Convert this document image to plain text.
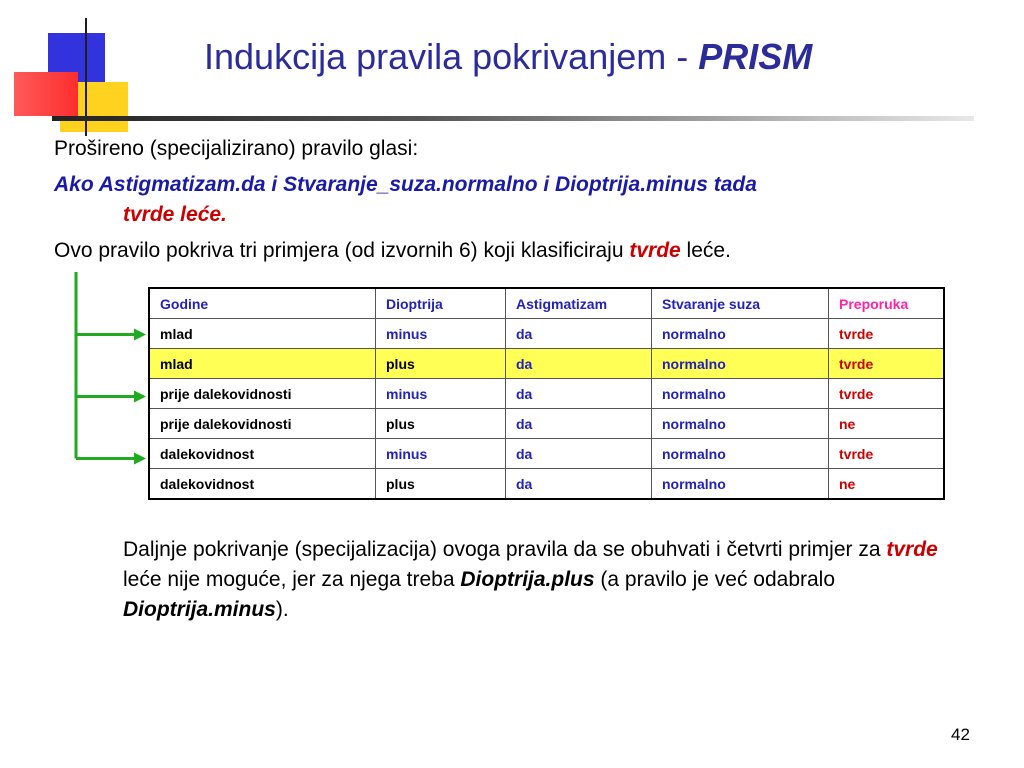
Indukcija pravila pokrivanjem - PRISM
Prošireno (specijalizirano) pravilo glasi:
Ako Astigmatizam.da i Stvaranje_suza.normalno i Dioptrija.minus tada
tvrde leće.
Ovo pravilo pokriva tri primjera (od izvornih 6) koji klasificiraju tvrde leće.
Godine	Dioptrija	Astigmatizam	Stvaranje suza	Preporuka
mlad	minus	da	normalno	tvrde
mlad	plus	da	normalno	tvrde
prije dalekovidnosti	minus	da	normalno	tvrde
prije dalekovidnosti	plus	da	normalno	ne
dalekovidnost	minus	da	normalno	tvrde
dalekovidnost	plus	da	normalno	ne
Daljnje pokrivanje (specijalizacija) ovoga pravila da se obuhvati i četvrti primjer za tvrde leće nije moguće, jer za njega treba Dioptrija.plus (a pravilo je već odabralo Dioptrija.minus).
42
